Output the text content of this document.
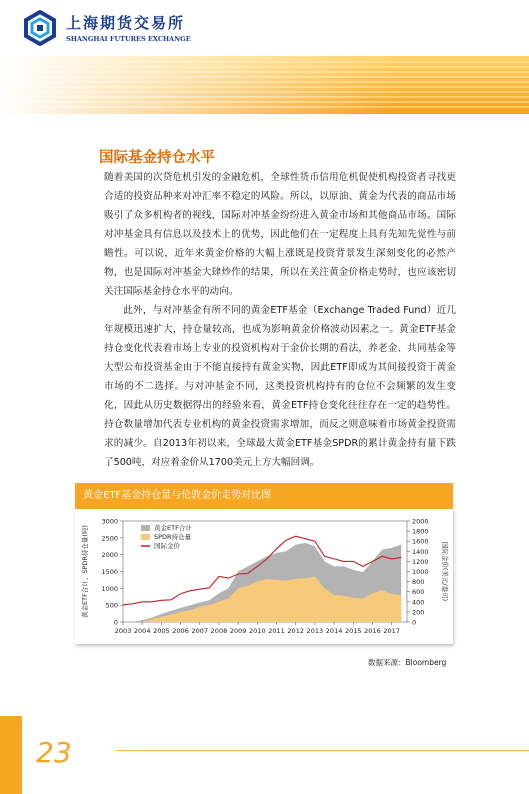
上海期货交易所
SHANGHAI FUTURES EXCHANGE
国际基金持仓水平

随着美国的次贷危机引发的金融危机，全球性货币信用危机促使机构投资者寻找更合适的投资品种来对冲汇率不稳定的风险。所以，以原油、黄金为代表的商品市场吸引了众多机构者的视线，国际对冲基金纷纷进入黄金市场和其他商品市场。国际对冲基金具有信息以及技术上的优势，因此他们在一定程度上具有先知先觉性与前瞻性。可以说，近年来黄金价格的大幅上涨既是投资背景发生深刻变化的必然产物，也是国际对冲基金大肆炒作的结果，所以在关注黄金价格走势时，也应该密切关注国际基金持仓水平的动向。

此外，与对冲基金有所不同的黄金ETF基金（Exchange Traded Fund）近几年规模迅速扩大，持仓量较高，也成为影响黄金价格波动因素之一。黄金ETF基金持仓变化代表着市场上专业的投资机构对于金价长期的看法，养老金、共同基金等大型公布投资基金由于不能直接持有黄金实物，因此ETF即成为其间接投资于黄金市场的不二选择。与对冲基金不同，这类投资机构持有的仓位不会频繁的发生变化，因此从历史数据得出的经验来看，黄金ETF持仓变化往往存在一定的趋势性。持仓数量增加代表专业机构的黄金投资需求增加，而反之则意味着市场黄金投资需求的减少。自2013年初以来，全球最大黄金ETF基金SPDR的累计黄金持有量下跌了500吨，对应着金价从1700美元上方大幅回调。

黄金ETF基金持仓量与伦敦金价走势对比图
0
500
1000
1500
2000
2500
3000
0
200
400
600
800
1000
1200
1400
1600
1800
2000
2003 2004 2005 2006 2007 2008 2009 2010 2011 2012 2013 2014 2015 2016 2017
黄金ETF合计、SPDR持仓量(吨)	国际金价(美元/盎司)
黄金ETF合计
SPDR持仓量
国际金价
数据来源：Bloomberg
23
